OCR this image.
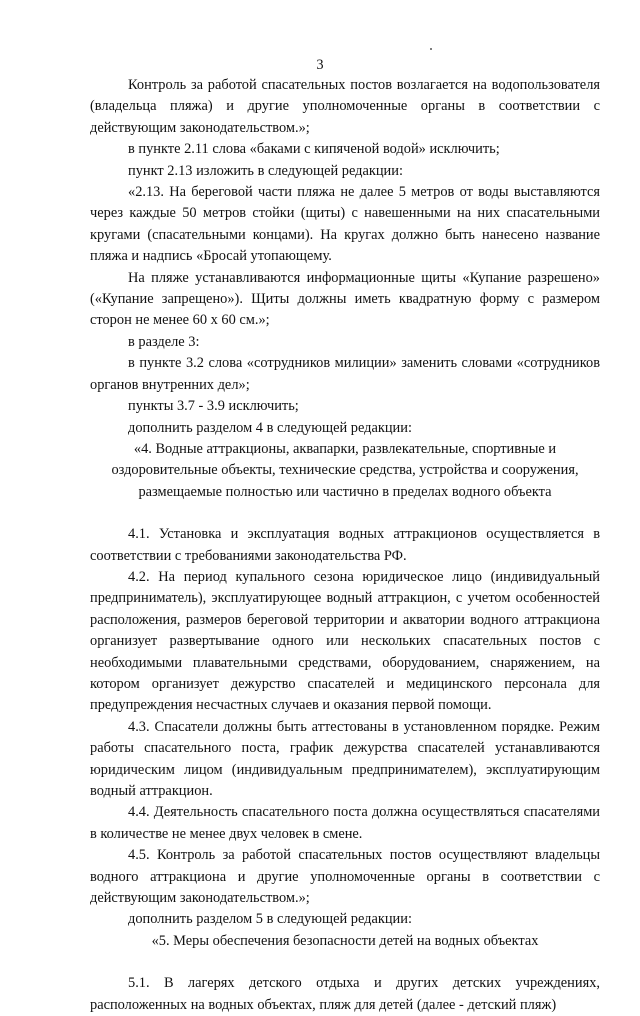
3

Контроль за работой спасательных постов возлагается на водопользователя (владельца пляжа) и другие уполномоченные органы в соответствии с действующим законодательством.»;

в пункте 2.11 слова «баками с кипяченой водой» исключить;

пункт 2.13 изложить в следующей редакции:

«2.13. На береговой части пляжа не далее 5 метров от воды выставляются через каждые 50 метров стойки (щиты) с навешенными на них спасательными кругами (спасательными концами). На кругах должно быть нанесено название пляжа и надпись «Бросай утопающему.

На пляже устанавливаются информационные щиты «Купание разрешено» («Купание запрещено»). Щиты должны иметь квадратную форму с размером сторон не менее 60 х 60 см.»;

в разделе 3:

в пункте 3.2 слова «сотрудников милиции» заменить словами «сотрудников органов внутренних дел»;

пункты 3.7 - 3.9 исключить;

дополнить разделом 4 в следующей редакции:

«4. Водные аттракционы, аквапарки, развлекательные, спортивные и оздоровительные объекты, технические средства, устройства и сооружения, размещаемые полностью или частично в пределах водного объекта

4.1. Установка и эксплуатация водных аттракционов осуществляется в соответствии с требованиями законодательства РФ.

4.2. На период купального сезона юридическое лицо (индивидуальный предприниматель), эксплуатирующее водный аттракцион, с учетом особенностей расположения, размеров береговой территории и акватории водного аттракциона организует развертывание одного или нескольких спасательных постов с необходимыми плавательными средствами, оборудованием, снаряжением, на котором организует дежурство спасателей и медицинского персонала для предупреждения несчастных случаев и оказания первой помощи.

4.3. Спасатели должны быть аттестованы в установленном порядке. Режим работы спасательного поста, график дежурства спасателей устанавливаются юридическим лицом (индивидуальным предпринимателем), эксплуатирующим водный аттракцион.

4.4. Деятельность спасательного поста должна осуществляться спасателями в количестве не менее двух человек в смене.

4.5. Контроль за работой спасательных постов осуществляют владельцы водного аттракциона и другие уполномоченные органы в соответствии с действующим законодательством.»;

дополнить разделом 5 в следующей редакции:

«5. Меры обеспечения безопасности детей на водных объектах

5.1. В лагерях детского отдыха и других детских учреждениях, расположенных на водных объектах, пляж для детей (далее - детский пляж)
